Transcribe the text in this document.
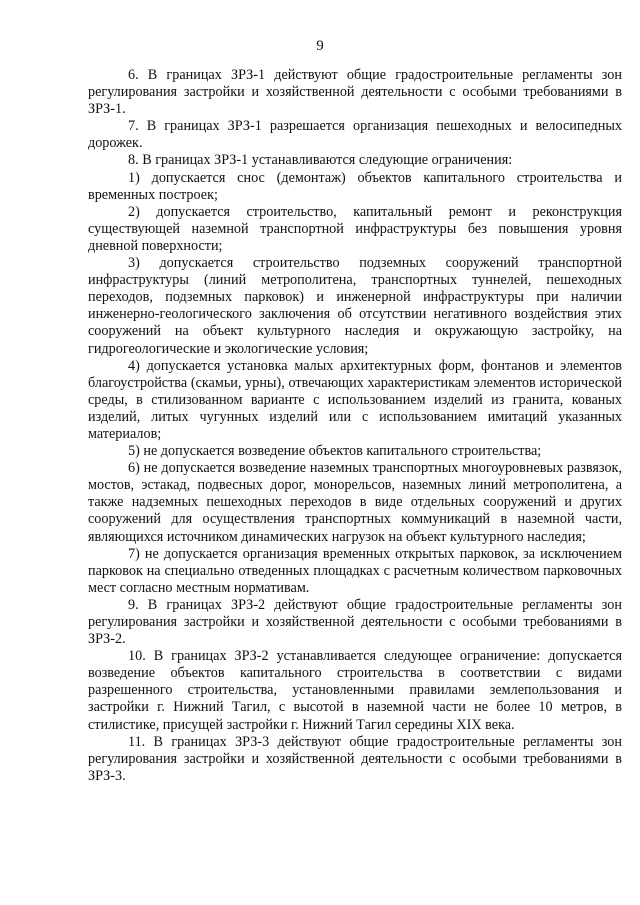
9

6. В границах ЗРЗ-1 действуют общие градостроительные регламенты зон регулирования застройки и хозяйственной деятельности с особыми требованиями в ЗРЗ-1.

7. В границах ЗРЗ-1 разрешается организация пешеходных и велосипедных дорожек.

8. В границах ЗРЗ-1 устанавливаются следующие ограничения:

1) допускается снос (демонтаж) объектов капитального строительства и временных построек;

2) допускается строительство, капитальный ремонт и реконструкция существующей наземной транспортной инфраструктуры без повышения уровня дневной поверхности;

3) допускается строительство подземных сооружений транспортной инфраструктуры (линий метрополитена, транспортных туннелей, пешеходных переходов, подземных парковок) и инженерной инфраструктуры при наличии инженерно-геологического заключения об отсутствии негативного воздействия этих сооружений на объект культурного наследия и окружающую застройку, на гидрогеологические и экологические условия;

4) допускается установка малых архитектурных форм, фонтанов и элементов благоустройства (скамьи, урны), отвечающих характеристикам элементов исторической среды, в стилизованном варианте с использованием изделий из гранита, кованых изделий, литых чугунных изделий или с использованием имитаций указанных материалов;

5) не допускается возведение объектов капитального строительства;

6) не допускается возведение наземных транспортных многоуровневых развязок, мостов, эстакад, подвесных дорог, монорельсов, наземных линий метрополитена, а также надземных пешеходных переходов в виде отдельных сооружений и других сооружений для осуществления транспортных коммуникаций в наземной части, являющихся источником динамических нагрузок на объект культурного наследия;

7) не допускается организация временных открытых парковок, за исключением парковок на специально отведенных площадках с расчетным количеством парковочных мест согласно местным нормативам.

9. В границах ЗРЗ-2 действуют общие градостроительные регламенты зон регулирования застройки и хозяйственной деятельности с особыми требованиями в ЗРЗ-2.

10. В границах ЗРЗ-2 устанавливается следующее ограничение: допускается возведение объектов капитального строительства в соответствии с видами разрешенного строительства, установленными правилами землепользования и застройки г. Нижний Тагил, с высотой в наземной части не более 10 метров, в стилистике, присущей застройки г. Нижний Тагил середины XIX века.

11. В границах ЗРЗ-3 действуют общие градостроительные регламенты зон регулирования застройки и хозяйственной деятельности с особыми требованиями в ЗРЗ-3.
